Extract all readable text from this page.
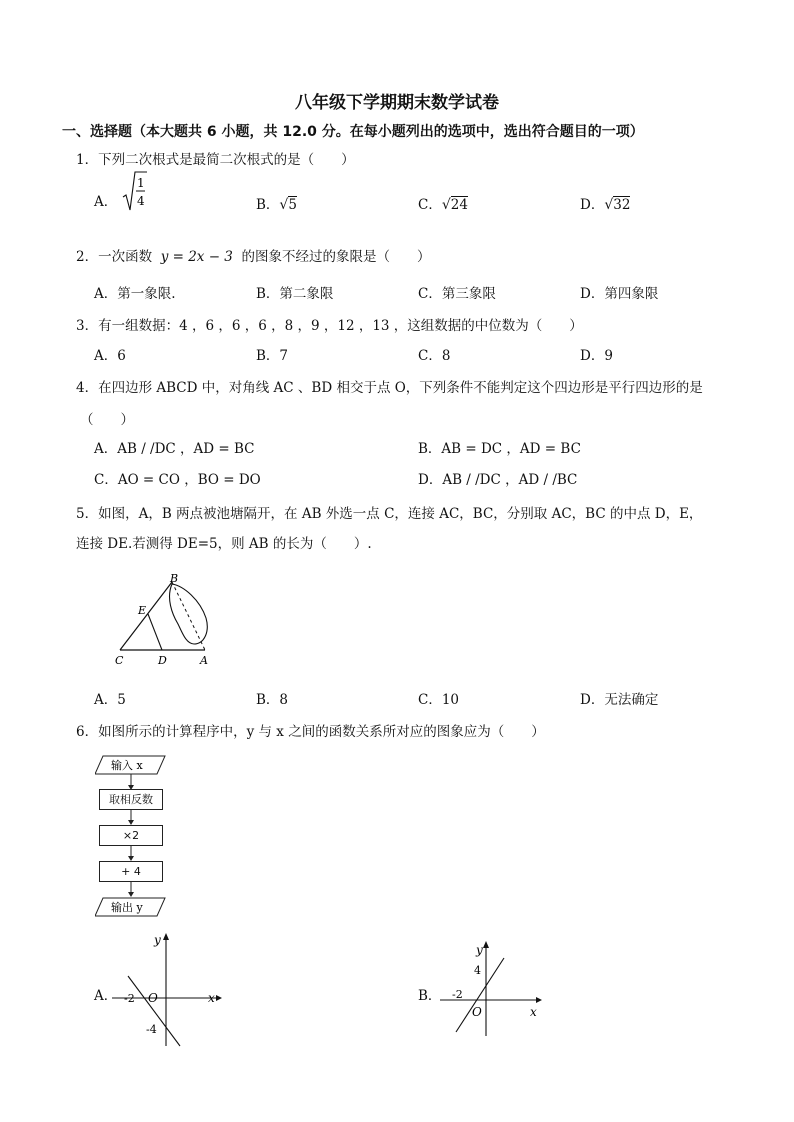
八年级下学期期末数学试卷
一、选择题（本大题共 6 小题，共 12.0 分。在每小题列出的选项中，选出符合题目的一项）
1．下列二次根式是最简二次根式的是（　　）
A．
1
4	B．√5	C．√24	D．√32
2．一次函数 y = 2x − 3 的图象不经过的象限是（　　）
A．第一象限.	B．第二象限	C．第三象限	D．第四象限
3．有一组数据：4 ，6 ，6 ，6 ，8 ，9 ，12 ，13 ，这组数据的中位数为（　　）
A．6	B．7	C．8	D．9
4．在四边形 ABCD 中，对角线 AC 、BD 相交于点 O，下列条件不能判定这个四边形是平行四边形的是
（　　）
A．AB / /DC ，AD = BC	B．AB = DC ，AD = BC
C．AO = CO ，BO = DO	D．AB / /DC ，AD / /BC
5．如图，A，B 两点被池塘隔开，在 AB 外选一点 C，连接 AC，BC，分别取 AC，BC 的中点 D，E，
连接 DE.若测得 DE=5，则 AB 的长为（　　）.
B
E
C	D	A
A．5	B．8	C．10	D．无法确定
6．如图所示的计算程序中，y 与 x 之间的函数关系所对应的图象应为（　　）
输入 x
输出 y
取相反数
×2
+ 4
A．
y
x
O
-2
-4
B．
y
x
O
-2
4
